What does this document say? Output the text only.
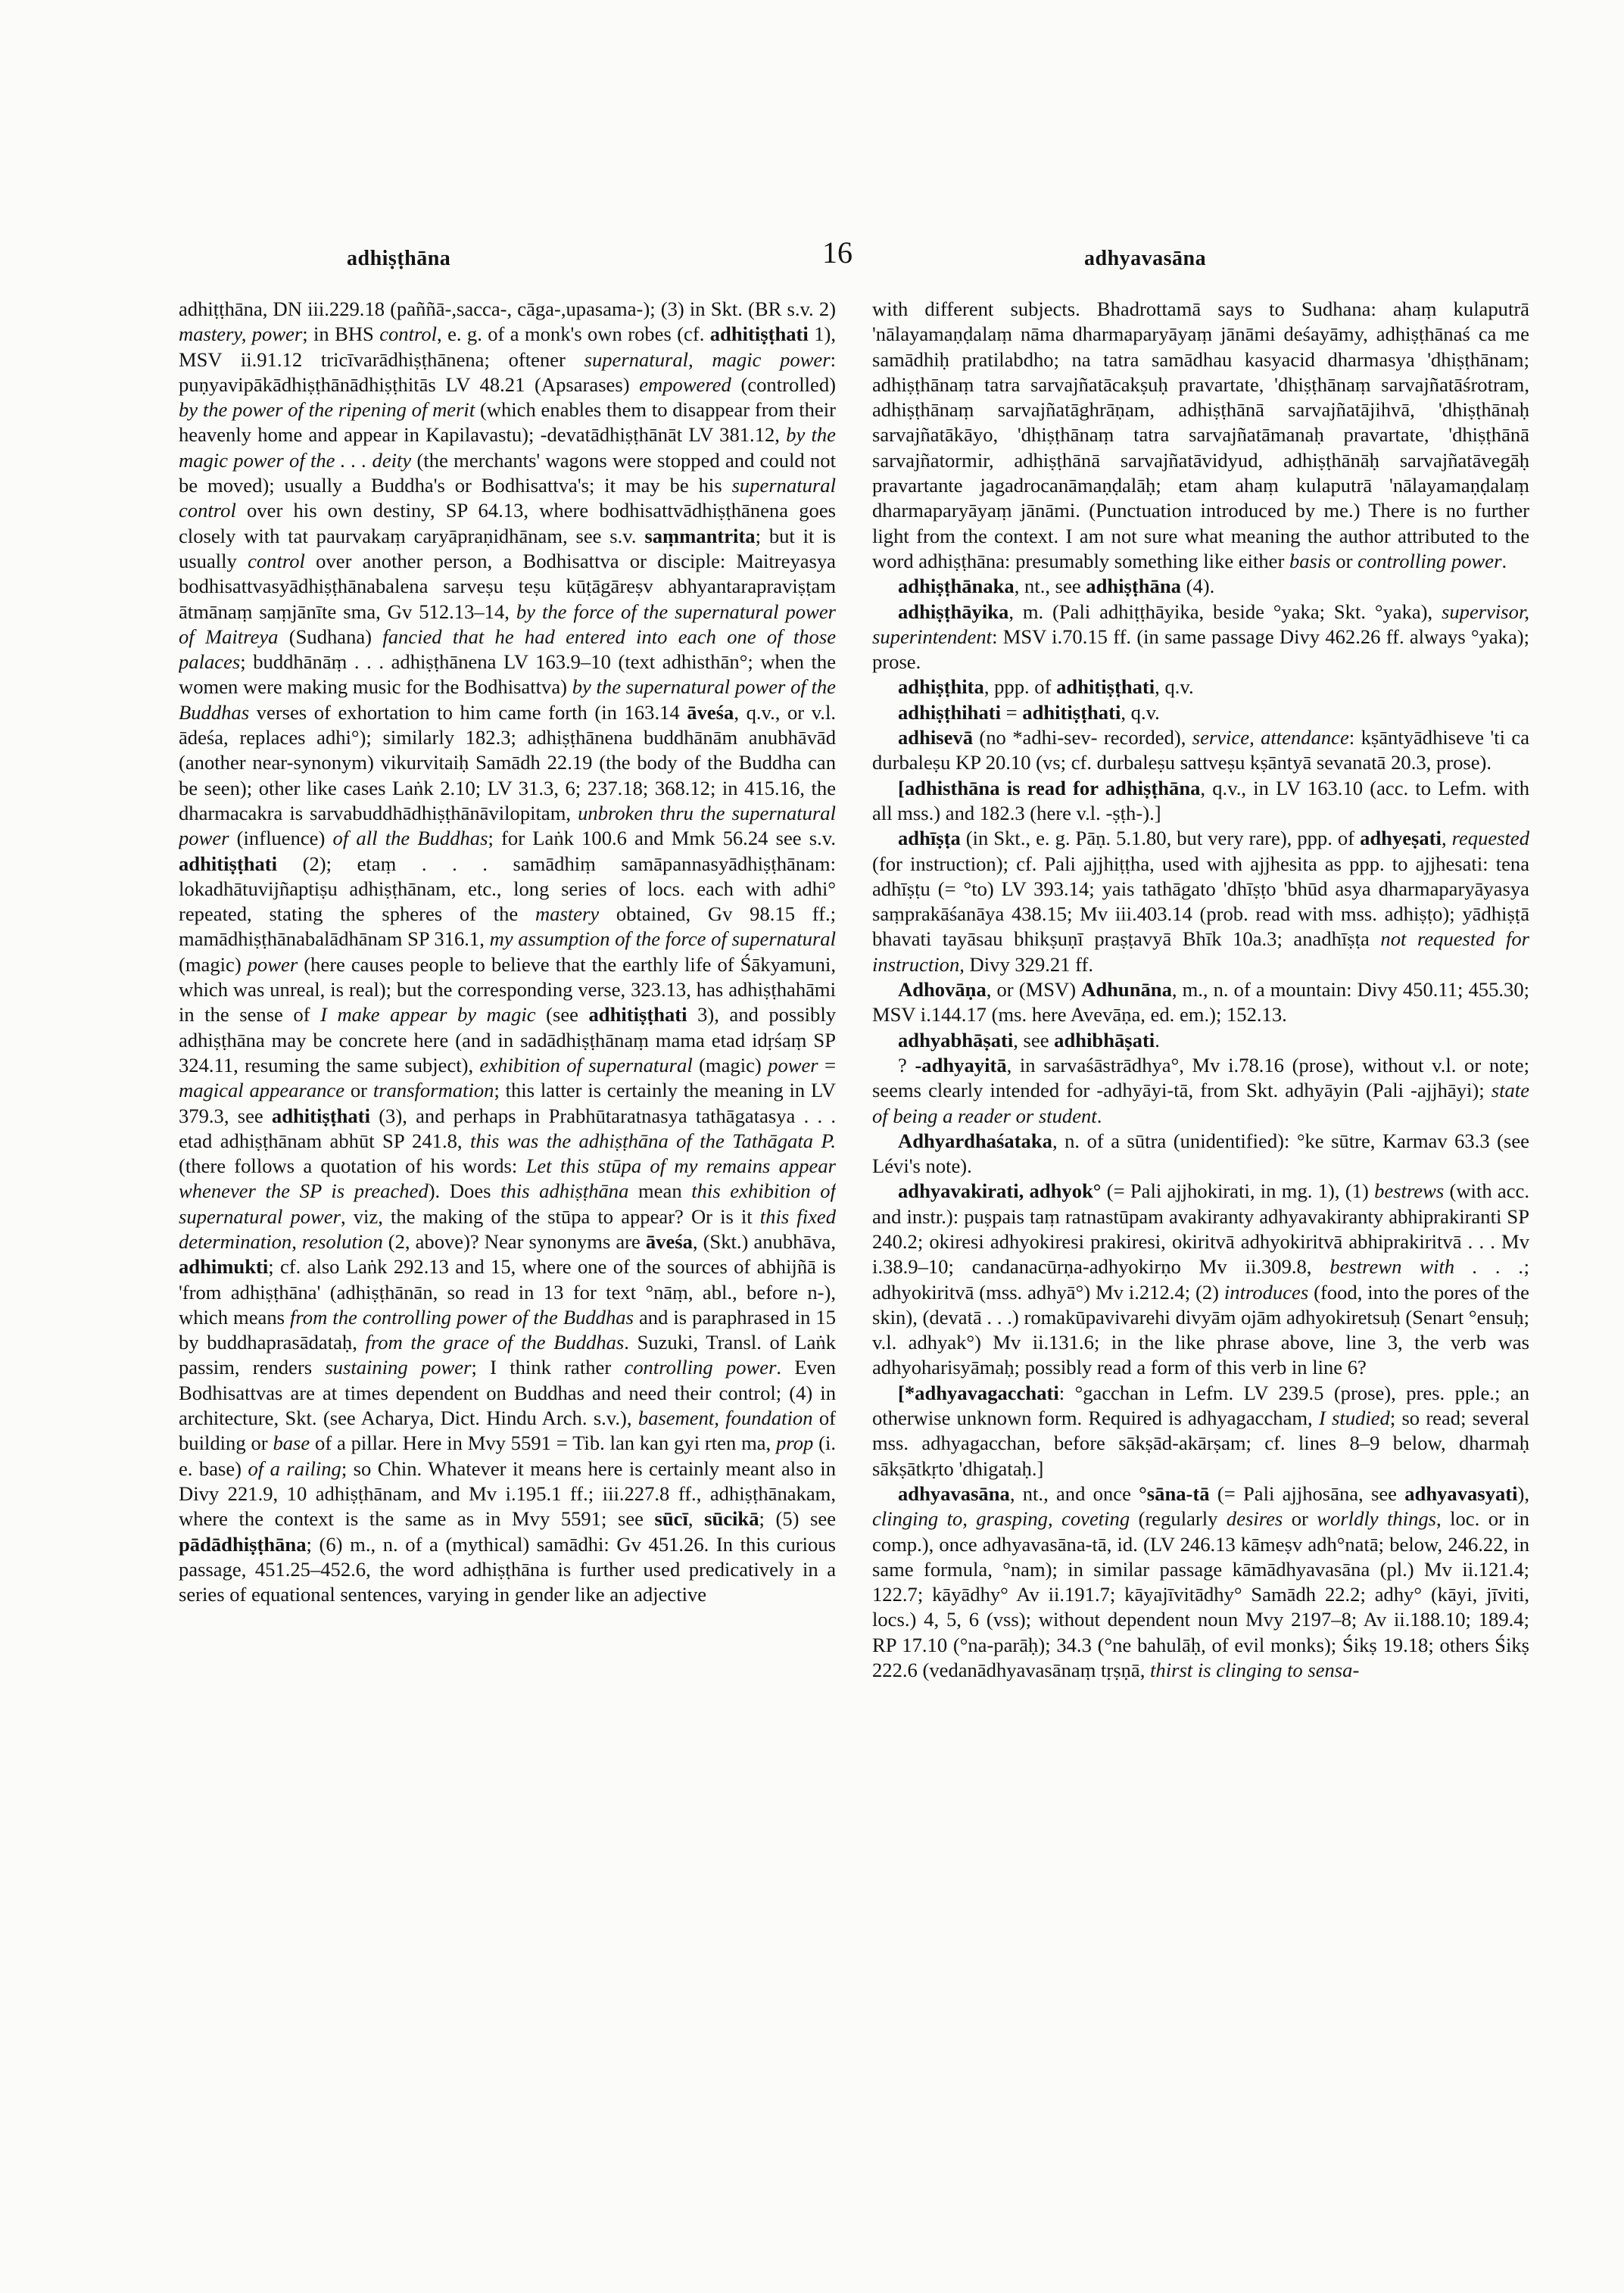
adhiṣṭhāna	16	adhyavasāna

adhiṭṭhāna, DN iii.229.18 (paññā-,sacca-, cāga-,upasama-); (3) in Skt. (BR s.v. 2) mastery, power; in BHS control, e. g. of a monk's own robes (cf. adhitiṣṭhati 1), MSV ii.91.12 tricīvarādhiṣṭhānena; oftener supernatural, magic power: puṇyavipākādhiṣṭhānādhiṣṭhitās LV 48.21 (Apsarases) empowered (controlled) by the power of the ripening of merit (which enables them to disappear from their heavenly home and appear in Kapilavastu); -devatādhiṣṭhānāt LV 381.12, by the magic power of the . . . deity (the merchants' wagons were stopped and could not be moved); usually a Buddha's or Bodhisattva's; it may be his supernatural control over his own destiny, SP 64.13, where bodhisattvādhiṣṭhānena goes closely with tat paurvakaṃ caryāpraṇidhānam, see s.v. saṃmantrita; but it is usually control over another person, a Bodhisattva or disciple: Maitreyasya bodhisattvasyādhiṣṭhānabalena sarveṣu teṣu kūṭāgāreṣv abhyantarapraviṣṭam ātmānaṃ saṃjānīte sma, Gv 512.13–14, by the force of the supernatural power of Maitreya (Sudhana) fancied that he had entered into each one of those palaces; buddhānāṃ . . . adhiṣṭhānena LV 163.9–10 (text adhisthān°; when the women were making music for the Bodhisattva) by the supernatural power of the Buddhas verses of exhortation to him came forth (in 163.14 āveśa, q.v., or v.l. ādeśa, replaces adhi°); similarly 182.3; adhiṣṭhānena buddhānām anubhāvād (another near-synonym) vikurvitaiḥ Samādh 22.19 (the body of the Buddha can be seen); other like cases Laṅk 2.10; LV 31.3, 6; 237.18; 368.12; in 415.16, the dharmacakra is sarvabuddhādhiṣṭhānāvilopitam, unbroken thru the supernatural power (influence) of all the Buddhas; for Laṅk 100.6 and Mmk 56.24 see s.v. adhitiṣṭhati (2); etaṃ . . . samādhiṃ samāpannasyādhiṣṭhānam: lokadhātuvijñaptiṣu adhiṣṭhānam, etc., long series of locs. each with adhi° repeated, stating the spheres of the mastery obtained, Gv 98.15 ff.; mamādhiṣṭhānabalādhānam SP 316.1, my assumption of the force of supernatural (magic) power (here causes people to believe that the earthly life of Śākyamuni, which was unreal, is real); but the corresponding verse, 323.13, has adhiṣṭhahāmi in the sense of I make appear by magic (see adhitiṣṭhati 3), and possibly adhiṣṭhāna may be concrete here (and in sadādhiṣṭhānaṃ mama etad idṛśaṃ SP 324.11, resuming the same subject), exhibition of supernatural (magic) power = magical appearance or transformation; this latter is certainly the meaning in LV 379.3, see adhitiṣṭhati (3), and perhaps in Prabhūtaratnasya tathāgatasya . . . etad adhiṣṭhānam abhūt SP 241.8, this was the adhiṣṭhāna of the Tathāgata P. (there follows a quotation of his words: Let this stūpa of my remains appear whenever the SP is preached). Does this adhiṣṭhāna mean this exhibition of supernatural power, viz, the making of the stūpa to appear? Or is it this fixed determination, resolution (2, above)? Near synonyms are āveśa, (Skt.) anubhāva, adhimukti; cf. also Laṅk 292.13 and 15, where one of the sources of abhijñā is 'from adhiṣṭhāna' (adhiṣṭhānān, so read in 13 for text °nāṃ, abl., before n-), which means from the controlling power of the Buddhas and is paraphrased in 15 by buddhaprasādataḥ, from the grace of the Buddhas. Suzuki, Transl. of Laṅk passim, renders sustaining power; I think rather controlling power. Even Bodhisattvas are at times dependent on Buddhas and need their control; (4) in architecture, Skt. (see Acharya, Dict. Hindu Arch. s.v.), basement, foundation of building or base of a pillar. Here in Mvy 5591 = Tib. lan kan gyi rten ma, prop (i. e. base) of a railing; so Chin. Whatever it means here is certainly meant also in Divy 221.9, 10 adhiṣṭhānam, and Mv i.195.1 ff.; iii.227.8 ff., adhiṣṭhānakam, where the context is the same as in Mvy 5591; see sūcī, sūcikā; (5) see pādādhiṣṭhāna; (6) m., n. of a (mythical) samādhi: Gv 451.26. In this curious passage, 451.25–452.6, the word adhiṣṭhāna is further used predicatively in a series of equational sentences, varying in gender like an adjective

with different subjects. Bhadrottamā says to Sudhana: ahaṃ kulaputrā 'nālayamaṇḍalaṃ nāma dharmaparyāyaṃ jānāmi deśayāmy, adhiṣṭhānaś ca me samādhiḥ pratilabdho; na tatra samādhau kasyacid dharmasya 'dhiṣṭhānam; adhiṣṭhānaṃ tatra sarvajñatācakṣuḥ pravartate, 'dhiṣṭhānaṃ sarvajñatāśrotram, adhiṣṭhānaṃ sarvajñatāghrāṇam, adhiṣṭhānā sarvajñatājihvā, 'dhiṣṭhānaḥ sarvajñatākāyo, 'dhiṣṭhānaṃ tatra sarvajñatāmanaḥ pravartate, 'dhiṣṭhānā sarvajñatormir, adhiṣṭhānā sarvajñatāvidyud, adhiṣṭhānāḥ sarvajñatāvegāḥ pravartante jagadrocanāmaṇḍalāḥ; etam ahaṃ kulaputrā 'nālayamaṇḍalaṃ dharmaparyāyaṃ jānāmi. (Punctuation introduced by me.) There is no further light from the context. I am not sure what meaning the author attributed to the word adhiṣṭhāna: presumably something like either basis or controlling power.

adhiṣṭhānaka, nt., see adhiṣṭhāna (4).

adhiṣṭhāyika, m. (Pali adhiṭṭhāyika, beside °yaka; Skt. °yaka), supervisor, superintendent: MSV i.70.15 ff. (in same passage Divy 462.26 ff. always °yaka); prose.

adhiṣṭhita, ppp. of adhitiṣṭhati, q.v.

adhiṣṭhihati = adhitiṣṭhati, q.v.

adhisevā (no *adhi-sev- recorded), service, attendance: kṣāntyādhiseve 'ti ca durbaleṣu KP 20.10 (vs; cf. durbaleṣu sattveṣu kṣāntyā sevanatā 20.3, prose).

[adhisthāna is read for adhiṣṭhāna, q.v., in LV 163.10 (acc. to Lefm. with all mss.) and 182.3 (here v.l. -ṣṭh-).]

adhīṣṭa (in Skt., e. g. Pāṇ. 5.1.80, but very rare), ppp. of adhyeṣati, requested (for instruction); cf. Pali ajjhiṭṭha, used with ajjhesita as ppp. to ajjhesati: tena adhīṣṭu (= °to) LV 393.14; yais tathāgato 'dhīṣṭo 'bhūd asya dharmaparyāyasya saṃprakāśanāya 438.15; Mv iii.403.14 (prob. read with mss. adhiṣṭo); yādhiṣṭā bhavati tayāsau bhikṣuṇī praṣṭavyā Bhīk 10a.3; anadhīṣṭa not requested for instruction, Divy 329.21 ff.

Adhovāṇa, or (MSV) Adhunāna, m., n. of a mountain: Divy 450.11; 455.30; MSV i.144.17 (ms. here Avevāṇa, ed. em.); 152.13.

adhyabhāṣati, see adhibhāṣati.

? -adhyayitā, in sarvaśāstrādhya°, Mv i.78.16 (prose), without v.l. or note; seems clearly intended for -adhyāyi-tā, from Skt. adhyāyin (Pali -ajjhāyi); state of being a reader or student.

Adhyardhaśataka, n. of a sūtra (unidentified): °ke sūtre, Karmav 63.3 (see Lévi's note).

adhyavakirati, adhyok° (= Pali ajjhokirati, in mg. 1), (1) bestrews (with acc. and instr.): puṣpais taṃ ratnastūpam avakiranty adhyavakiranty abhiprakiranti SP 240.2; okiresi adhyokiresi prakiresi, okiritvā adhyokiritvā abhiprakiritvā . . . Mv i.38.9–10; candanacūrṇa-adhyokirṇo Mv ii.309.8, bestrewn with . . .; adhyokiritvā (mss. adhyā°) Mv i.212.4; (2) introduces (food, into the pores of the skin), (devatā . . .) romakūpavivarehi divyām ojām adhyokiretsuḥ (Senart °ensuḥ; v.l. adhyak°) Mv ii.131.6; in the like phrase above, line 3, the verb was adhyoharisyāmaḥ; possibly read a form of this verb in line 6?

[*adhyavagacchati: °gacchan in Lefm. LV 239.5 (prose), pres. pple.; an otherwise unknown form. Required is adhyagaccham, I studied; so read; several mss. adhyagacchan, before sākṣād-akārṣam; cf. lines 8–9 below, dharmaḥ sākṣātkṛto 'dhigataḥ.]

adhyavasāna, nt., and once °sāna-tā (= Pali ajjhosāna, see adhyavasyati), clinging to, grasping, coveting (regularly desires or worldly things, loc. or in comp.), once adhyavasāna-tā, id. (LV 246.13 kāmeṣv adh°natā; below, 246.22, in same formula, °nam); in similar passage kāmādhyavasāna (pl.) Mv ii.121.4; 122.7; kāyādhy° Av ii.191.7; kāyajīvitādhy° Samādh 22.2; adhy° (kāyi, jīviti, locs.) 4, 5, 6 (vss); without dependent noun Mvy 2197–8; Av ii.188.10; 189.4; RP 17.10 (°na-parāḥ); 34.3 (°ne bahulāḥ, of evil monks); Śikṣ 19.18; others Śikṣ 222.6 (vedanādhyavasānaṃ tṛṣṇā, thirst is clinging to sensa-
